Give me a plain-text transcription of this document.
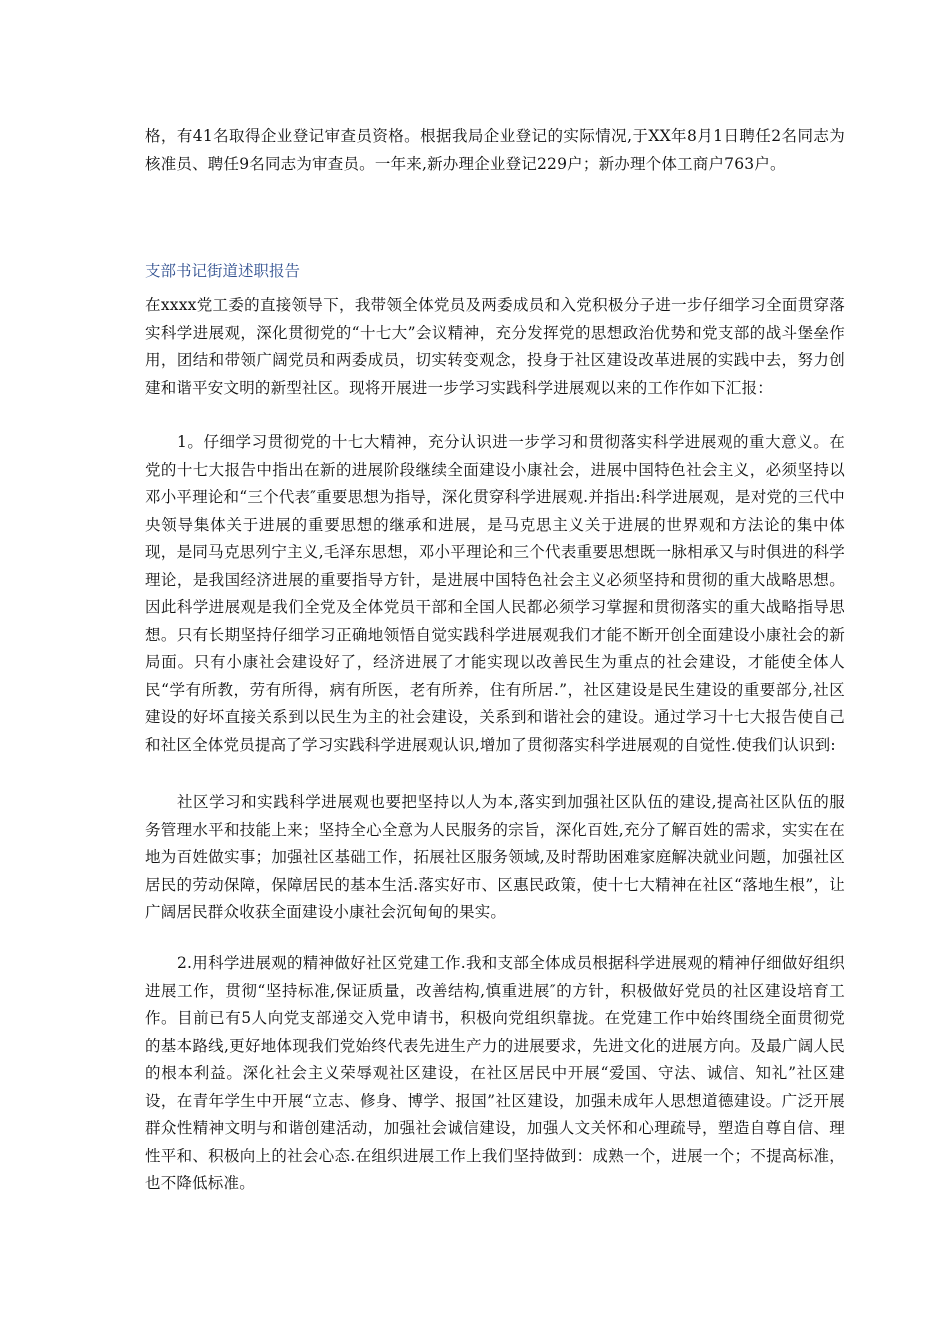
格，有41名取得企业登记审查员资格。根据我局企业登记的实际情况,于XX年8月1日聘任2名同志为核准员、聘任9名同志为审查员。一年来,新办理企业登记229户；新办理个体工商户763户。

支部书记街道述职报告

在xxxx党工委的直接领导下，我带领全体党员及两委成员和入党积极分子进一步仔细学习全面贯穿落实科学进展观，深化贯彻党的“十七大”会议精神，充分发挥党的思想政治优势和党支部的战斗堡垒作用，团结和带领广阔党员和两委成员，切实转变观念，投身于社区建设改革进展的实践中去，努力创建和谐平安文明的新型社区。现将开展进一步学习实践科学进展观以来的工作作如下汇报：

1。仔细学习贯彻党的十七大精神，充分认识进一步学习和贯彻落实科学进展观的重大意义。在党的十七大报告中指出在新的进展阶段继续全面建设小康社会，进展中国特色社会主义，必须坚持以邓小平理论和“三个代表″重要思想为指导，深化贯穿科学进展观.并指出:科学进展观，是对党的三代中央领导集体关于进展的重要思想的继承和进展，是马克思主义关于进展的世界观和方法论的集中体现，是同马克思列宁主义,毛泽东思想，邓小平理论和三个代表重要思想既一脉相承又与时俱进的科学理论，是我国经济进展的重要指导方针，是进展中国特色社会主义必须坚持和贯彻的重大战略思想。因此科学进展观是我们全党及全体党员干部和全国人民都必须学习掌握和贯彻落实的重大战略指导思想。只有长期坚持仔细学习正确地领悟自觉实践科学进展观我们才能不断开创全面建设小康社会的新局面。只有小康社会建设好了，经济进展了才能实现以改善民生为重点的社会建设，才能使全体人民“学有所教，劳有所得，病有所医，老有所养，住有所居.”，社区建设是民生建设的重要部分,社区建设的好坏直接关系到以民生为主的社会建设，关系到和谐社会的建设。通过学习十七大报告使自己和社区全体党员提高了学习实践科学进展观认识,增加了贯彻落实科学进展观的自觉性.使我们认识到:

社区学习和实践科学进展观也要把坚持以人为本,落实到加强社区队伍的建设,提高社区队伍的服务管理水平和技能上来；坚持全心全意为人民服务的宗旨，深化百姓,充分了解百姓的需求，实实在在地为百姓做实事；加强社区基础工作，拓展社区服务领域,及时帮助困难家庭解决就业问题，加强社区居民的劳动保障，保障居民的基本生活.落实好市、区惠民政策，使十七大精神在社区“落地生根”，让广阔居民群众收获全面建设小康社会沉甸甸的果实。

2.用科学进展观的精神做好社区党建工作.我和支部全体成员根据科学进展观的精神仔细做好组织进展工作，贯彻“坚持标准,保证质量，改善结构,慎重进展″的方针，积极做好党员的社区建设培育工作。目前已有5人向党支部递交入党申请书，积极向党组织靠拢。在党建工作中始终围绕全面贯彻党的基本路线,更好地体现我们党始终代表先进生产力的进展要求，先进文化的进展方向。及最广阔人民的根本利益。深化社会主义荣辱观社区建设，在社区居民中开展“爱国、守法、诚信、知礼”社区建设，在青年学生中开展“立志、修身、博学、报国”社区建设，加强未成年人思想道德建设。广泛开展群众性精神文明与和谐创建活动，加强社会诚信建设，加强人文关怀和心理疏导，塑造自尊自信、理性平和、积极向上的社会心态.在组织进展工作上我们坚持做到：成熟一个，进展一个；不提高标准，也不降低标准。
